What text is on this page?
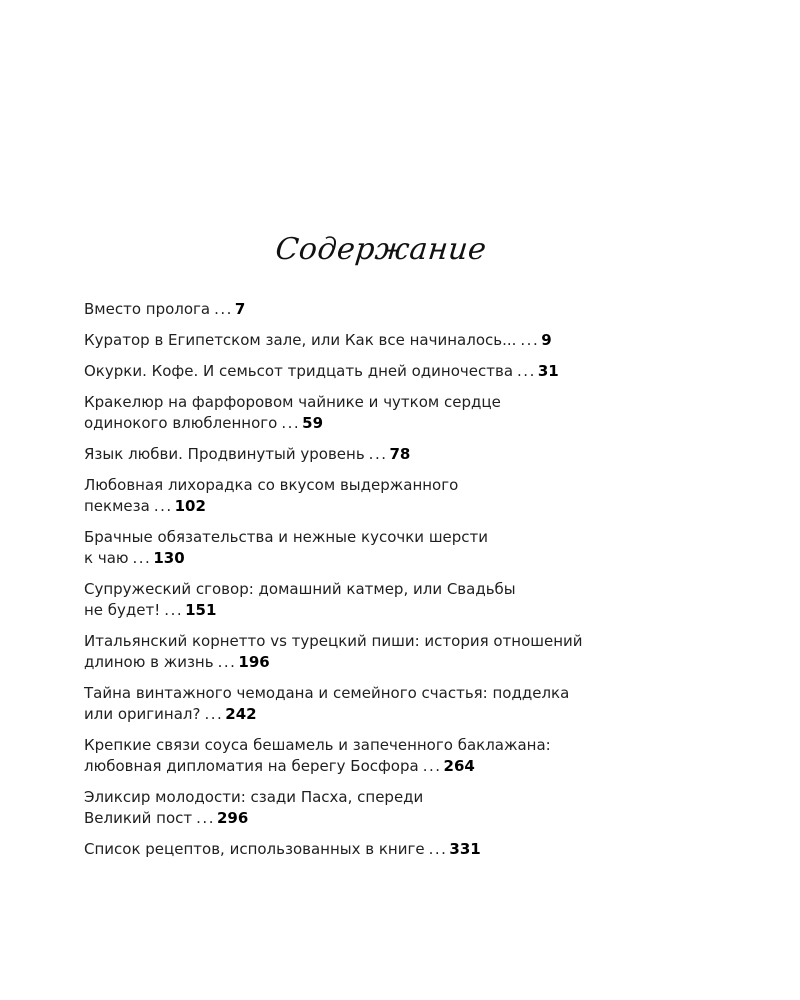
Содержание
Вместо пролога ... 7
Куратор в Египетском зале, или Как все начиналось... ... 9
Окурки. Кофе. И семьсот тридцать дней одиночества ... 31
Кракелюр на фарфоровом чайнике и чутком сердце
одинокого влюбленного ... 59
Язык любви. Продвинутый уровень ... 78
Любовная лихорадка со вкусом выдержанного
пекмеза ... 102
Брачные обязательства и нежные кусочки шерсти
к чаю ... 130
Супружеский сговор: домашний катмер, или Свадьбы
не будет! ... 151
Итальянский корнетто vs турецкий пиши: история отношений
длиною в жизнь ... 196
Тайна винтажного чемодана и семейного счастья: подделка
или оригинал? ... 242
Крепкие связи соуса бешамель и запеченного баклажана:
любовная дипломатия на берегу Босфора ... 264
Эликсир молодости: сзади Пасха, спереди
Великий пост ... 296
Список рецептов, использованных в книге ... 331
